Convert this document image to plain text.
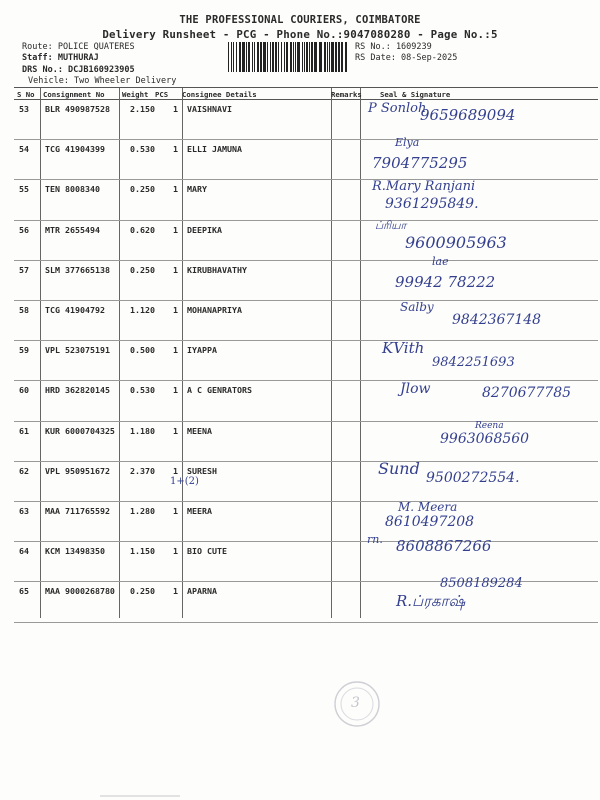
THE PROFESSIONAL COURIERS, COIMBATORE
Delivery Runsheet - PCG - Phone No.:9047080280 - Page No.:5
Route: POLICE QUATERES
Staff: MUTHURAJ
DRS No.: DCJB160923905
Vehicle: Two Wheeler Delivery
RS No.: 1609239
RS Date: 08-Sep-2025
S No Consignment No Weight PCS Consignee Details	Remarks Seal & Signature
53 BLR 490987528 2.150 1 VAISHNAVI	P Sonloh
9659689094
54 TCG 41904399	0.530 1 ELLI JAMUNA	Elya
7904775295
55 TEN 8008340	0.250 1 MARY	R.Mary Ranjani
9361295849.
56 MTR 2655494	0.620 1 DEEPIKA	ப்ரியா
9600905963
57 SLM 377665138 0.250 1 KIRUBHAVATHY
lae
99942 78222
58 TCG 41904792	1.120 1 MOHANAPRIYA	Salby
9842367148
59 VPL 523075191 0.500 1 IYAPPA	KVith
9842251693
60 HRD 362820145 0.530 1 A C GENRATORS	Jlow	8270677785
61 KUR 6000704325 1.180 1 MEENA	Reena
9963068560
62 VPL 950951672 2.370 1 SURESH	Sund 9500272554.
63 MAA 711765592 1.280 1 MEERA	M. Meera
8610497208
64 KCM 13498350	1.150 1 BIO CUTE
rn. 8608867266
65 MAA 9000268780 0.250 1 APARNA	8508189284
R.ப்ரகாஷ்
1+(2)
3
